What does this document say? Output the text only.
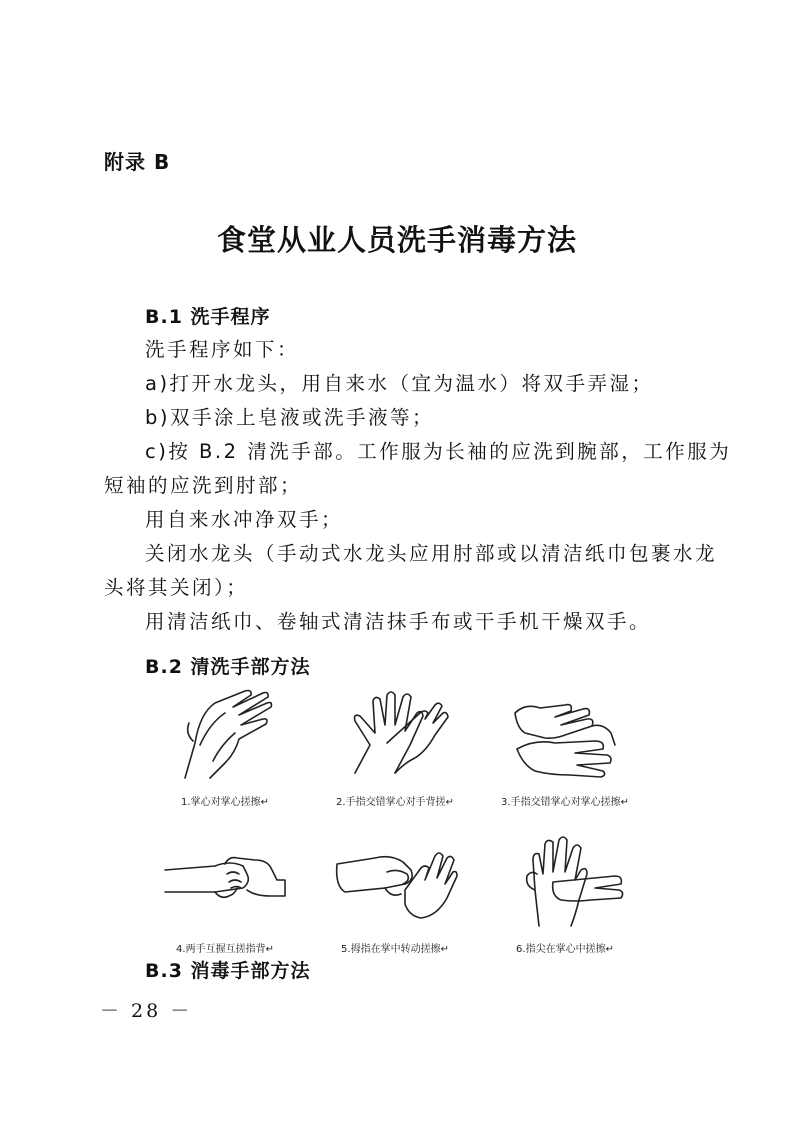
附录 B
食堂从业人员洗手消毒方法
B.1 洗手程序
洗手程序如下：
a)打开水龙头，用自来水（宜为温水）将双手弄湿；
b)双手涂上皂液或洗手液等；
c)按 B.2 清洗手部。工作服为长袖的应洗到腕部，工作服为
短袖的应洗到肘部；
用自来水冲净双手；
关闭水龙头（手动式水龙头应用肘部或以清洁纸巾包裹水龙
头将其关闭）；
用清洁纸巾、卷轴式清洁抹手布或干手机干燥双手。
B.2 清洗手部方法
1.掌心对掌心搓擦↵	2.手指交错掌心对手背搓↵	3.手指交错掌心对掌心搓擦↵
4.两手互握互搓指背↵	5.拇指在掌中转动搓擦↵	6.指尖在掌心中搓擦↵
B.3 消毒手部方法
－ 28 －
